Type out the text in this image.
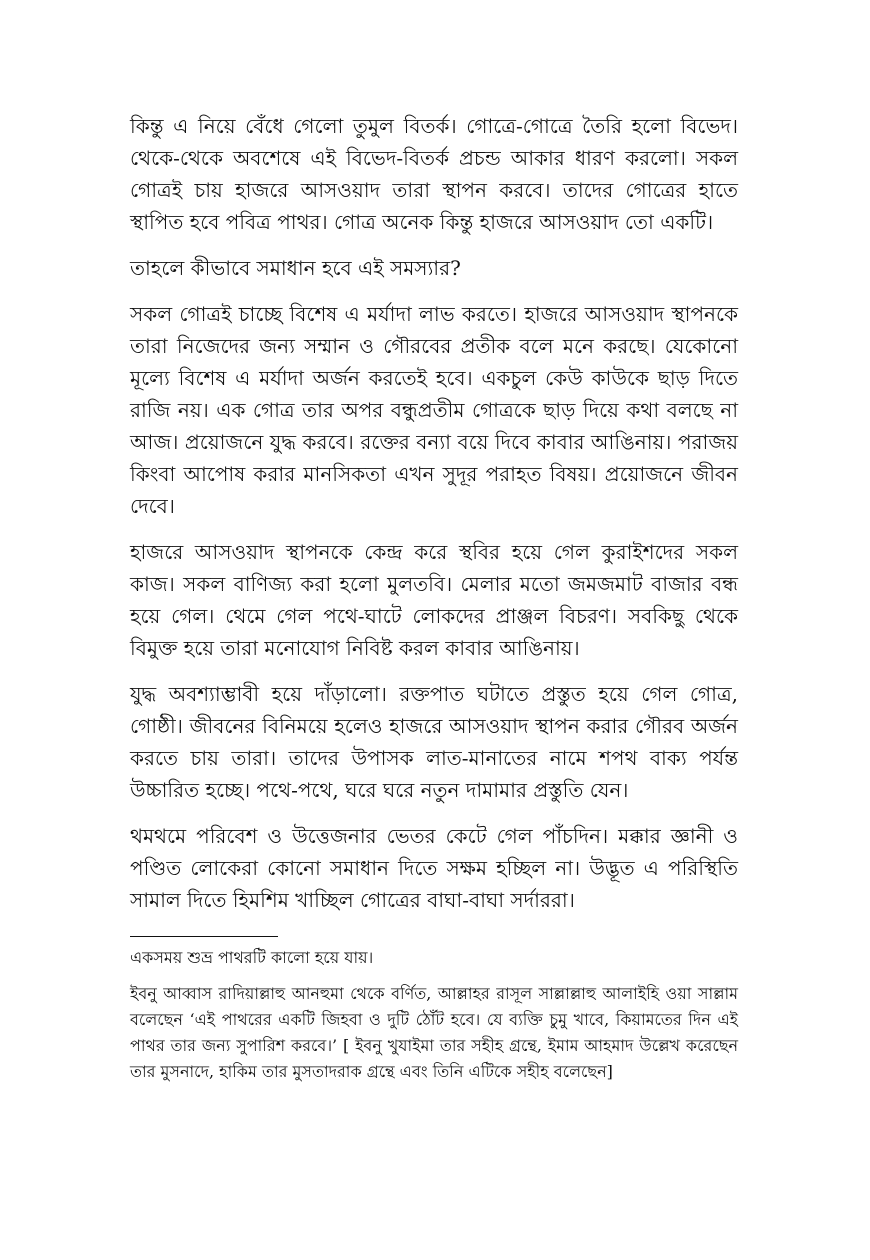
কিন্তু এ নিয়ে বেঁধে গেলো তুমুল বিতর্ক। গোত্রে-গোত্রে তৈরি হলো বিভেদ। থেকে-থেকে অবশেষে এই বিভেদ-বিতর্ক প্রচন্ড আকার ধারণ করলো। সকল গোত্রই চায় হাজরে আসওয়াদ তারা স্থাপন করবে। তাদের গোত্রের হাতে স্থাপিত হবে পবিত্র পাথর। গোত্র অনেক কিন্তু হাজরে আসওয়াদ তো একটি।

তাহলে কীভাবে সমাধান হবে এই সমস্যার?

সকল গোত্রই চাচ্ছে বিশেষ এ মর্যাদা লাভ করতে। হাজরে আসওয়াদ স্থাপনকে তারা নিজেদের জন্য সম্মান ও গৌরবের প্রতীক বলে মনে করছে। যেকোনো মূল্যে বিশেষ এ মর্যাদা অর্জন করতেই হবে। একচুল কেউ কাউকে ছাড় দিতে রাজি নয়। এক গোত্র তার অপর বন্ধুপ্রতীম গোত্রকে ছাড় দিয়ে কথা বলছে না আজ। প্রয়োজনে যুদ্ধ করবে। রক্তের বন্যা বয়ে দিবে কাবার আঙিনায়। পরাজয় কিংবা আপোষ করার মানসিকতা এখন সুদূর পরাহত বিষয়। প্রয়োজনে জীবন দেবে।

হাজরে আসওয়াদ স্থাপনকে কেন্দ্র করে স্থবির হয়ে গেল কুরাইশদের সকল কাজ। সকল বাণিজ্য করা হলো মুলতবি। মেলার মতো জমজমাট বাজার বন্ধ হয়ে গেল। থেমে গেল পথে-ঘাটে লোকদের প্রাঞ্জল বিচরণ। সবকিছু থেকে বিমুক্ত হয়ে তারা মনোযোগ নিবিষ্ট করল কাবার আঙিনায়।

যুদ্ধ অবশ্যাম্ভাবী হয়ে দাঁড়ালো। রক্তপাত ঘটাতে প্রস্তুত হয়ে গেল গোত্র, গোষ্ঠী। জীবনের বিনিময়ে হলেও হাজরে আসওয়াদ স্থাপন করার গৌরব অর্জন করতে চায় তারা। তাদের উপাসক লাত-মানাতের নামে শপথ বাক্য পর্যন্ত উচ্চারিত হচ্ছে। পথে-পথে, ঘরে ঘরে নতুন দামামার প্রস্তুতি যেন।

থমথমে পরিবেশ ও উত্তেজনার ভেতর কেটে গেল পাঁচদিন। মক্কার জ্ঞানী ও পণ্ডিত লোকেরা কোনো সমাধান দিতে সক্ষম হচ্ছিল না। উদ্ভূত এ পরিস্থিতি সামাল দিতে হিমশিম খাচ্ছিল গোত্রের বাঘা-বাঘা সর্দাররা।

একসময় শুভ্র পাথরটি কালো হয়ে যায়।

ইবনু আব্বাস রাদিয়াল্লাহু আনহুমা থেকে বর্ণিত, আল্লাহর রাসূল সাল্লাল্লাহু আলাইহি ওয়া সাল্লাম বলেছেন ‘এই পাথরের একটি জিহবা ও দুটি ঠোঁট হবে। যে ব্যক্তি চুমু খাবে, কিয়ামতের দিন এই পাথর তার জন্য সুপারিশ করবে।’ [ ইবনু খুযাইমা তার সহীহ গ্রন্থে, ইমাম আহমাদ উল্লেখ করেছেন তার মুসনাদে, হাকিম তার মুসতাদরাক গ্রন্থে এবং তিনি এটিকে সহীহ বলেছেন]
